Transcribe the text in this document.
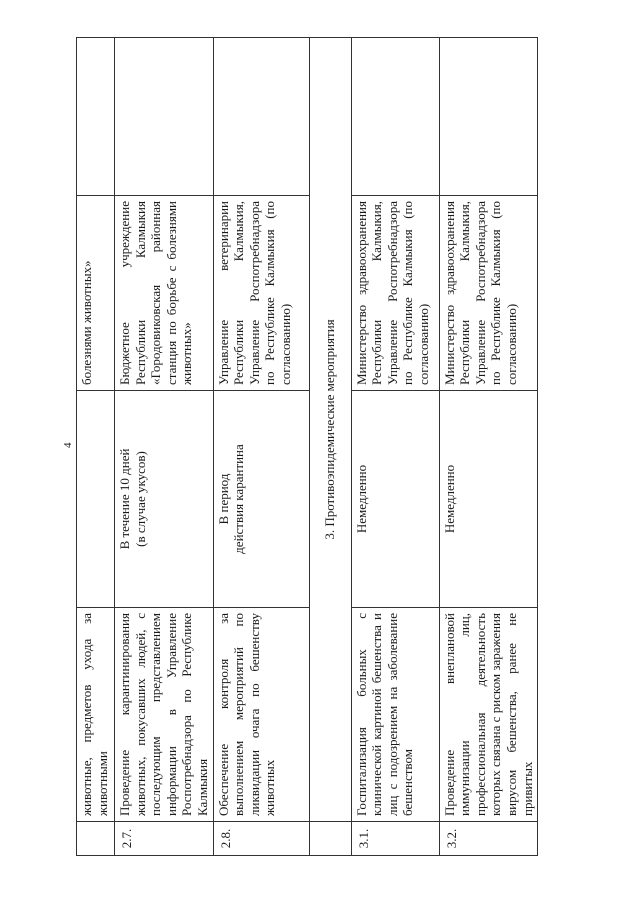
4
	животные, предметов ухода за животными		болезнями животных»	
2.7.	Проведение карантинирования животных, покусавших людей, с последующим представлением информации в Управление Роспотребнадзора по Республике Калмыкия	В течение 10 дней (в случае укусов)	Бюджетное учреждение Республики Калмыкия «Городовиковская районная станция по борьбе с болезнями животных»	
2.8.	Обеспечение контроля за выполнением мероприятий по ликвидации очага по бешенству животных	В период действия карантина	Управление ветеринарии Республики Калмыкия, Управление Роспотребнадзора по Республике Калмыкия (по согласованию)	
	3. Противоэпидемические мероприятия			
3.1.	Госпитализация больных с клинической картиной бешенства и лиц с подозрением на заболевание бешенством	Немедленно	Министерство здравоохранения Республики Калмыкия, Управление Роспотребнадзора по Республике Калмыкия (по согласованию)	
3.2.	Проведение внеплановой иммунизации лиц, профессиональная деятельность которых связана с риском заражения вирусом бешенства, ранее не привитых	Немедленно	Министерство здравоохранения Республики Калмыкия, Управление Роспотребнадзора по Республике Калмыкия (по согласованию)	
